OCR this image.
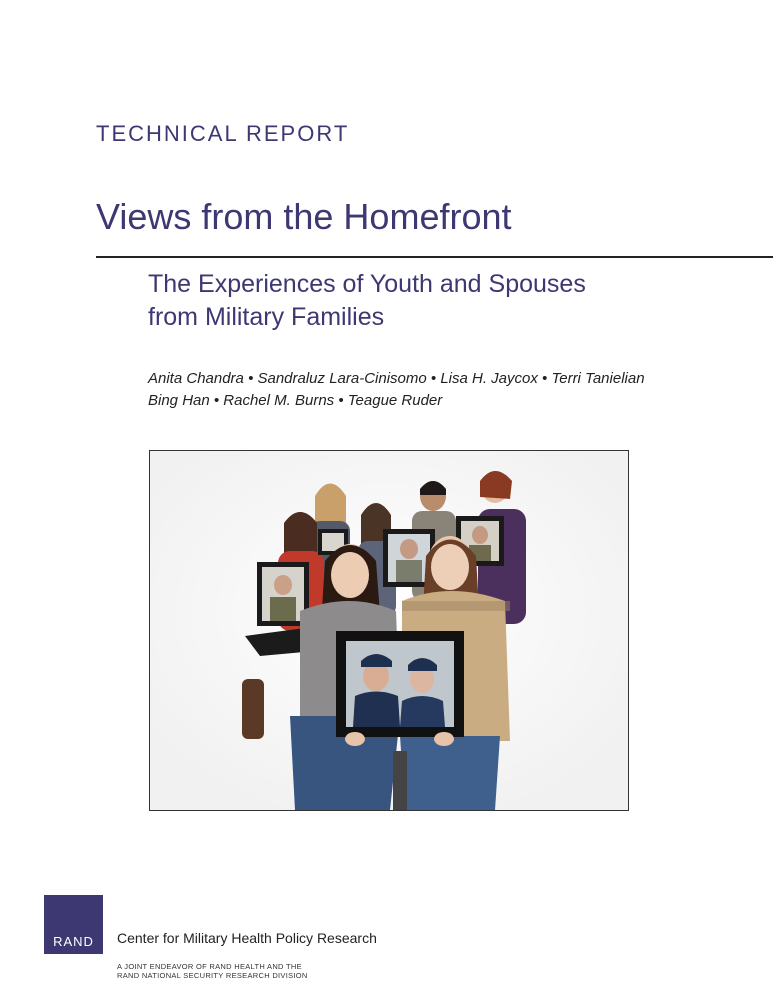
TECHNICAL REPORT
Views from the Homefront
The Experiences of Youth and Spouses
from Military Families
Anita Chandra • Sandraluz Lara-Cinisomo • Lisa H. Jaycox • Terri Tanielian
Bing Han • Rachel M. Burns • Teague Ruder
RAND	Center for Military Health Policy Research
A JOINT ENDEAVOR OF RAND HEALTH AND THE
RAND NATIONAL SECURITY RESEARCH DIVISION
